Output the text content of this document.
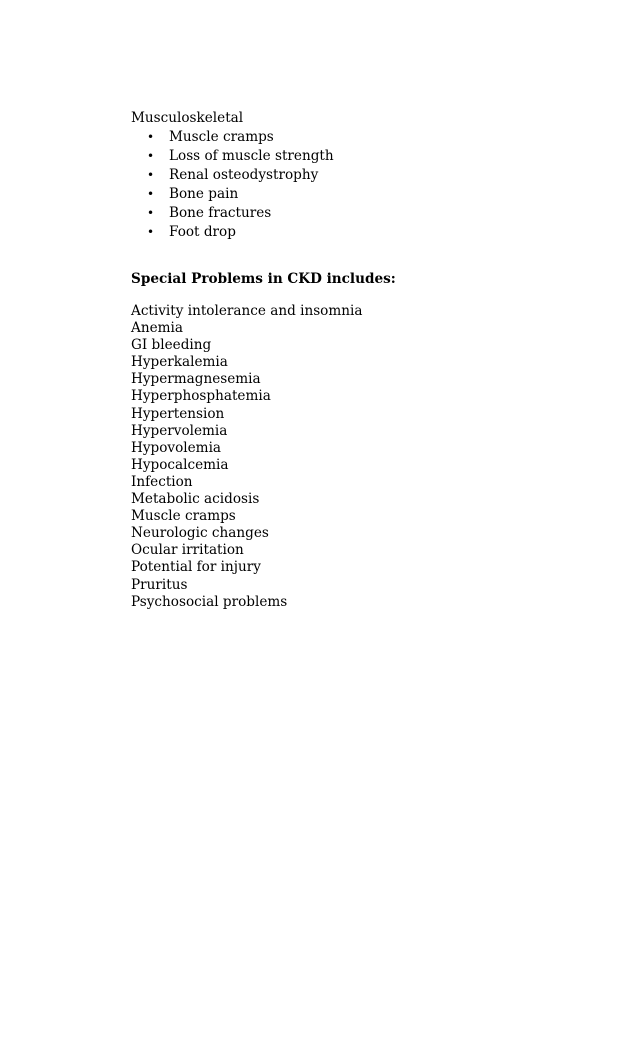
Musculoskeletal

• Muscle cramps
• Loss of muscle strength
• Renal osteodystrophy
• Bone pain
• Bone fractures
• Foot drop

Special Problems in CKD includes:

Activity intolerance and insomnia
Anemia
GI bleeding
Hyperkalemia
Hypermagnesemia
Hyperphosphatemia
Hypertension
Hypervolemia
Hypovolemia
Hypocalcemia
Infection
Metabolic acidosis
Muscle cramps
Neurologic changes
Ocular irritation
Potential for injury
Pruritus
Psychosocial problems
